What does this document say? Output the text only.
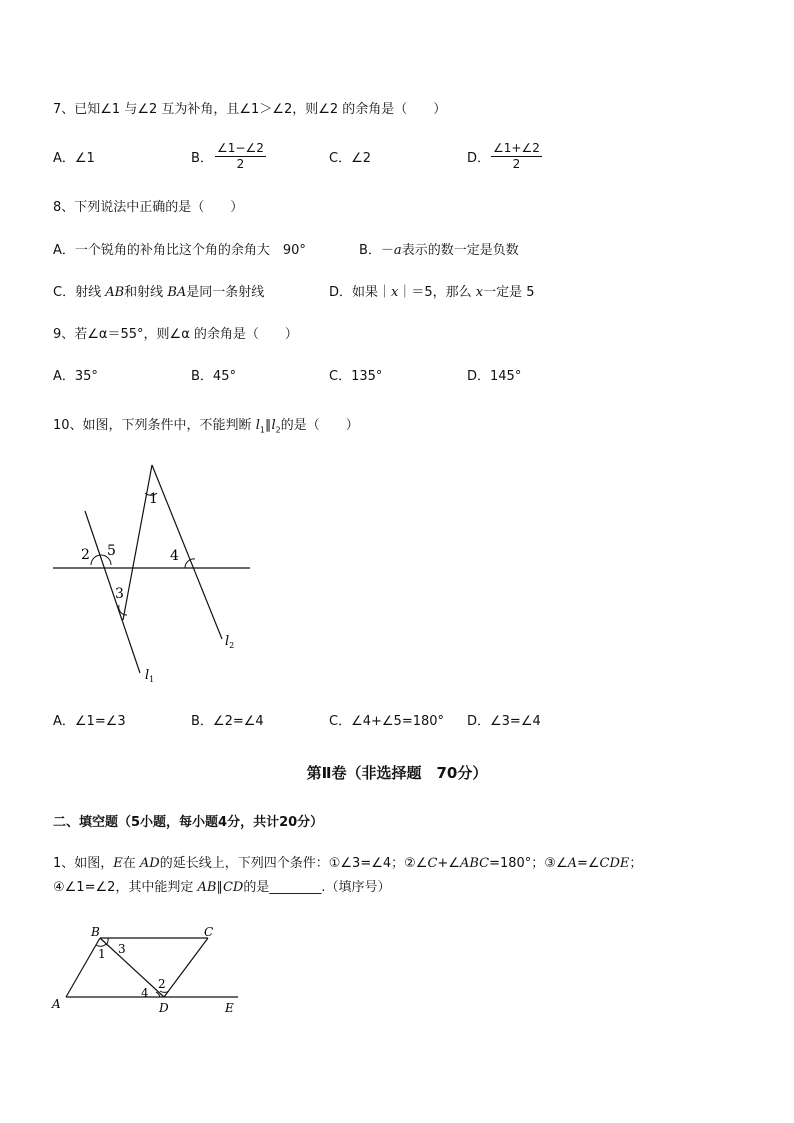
7、已知∠1 与∠2 互为补角，且∠1＞∠2，则∠2 的余角是（　　）
A．∠1	B． $\frac{\angle 1-\angle 2}{2}$	C．∠2	D． $\frac{\angle 1+\angle 2}{2}$
8、下列说法中正确的是（　　）
A．一个锐角的补角比这个角的余角大　90°	B．－a表示的数一定是负数
C．射线 AB和射线 BA是同一条射线	D．如果｜x｜＝5，那么 x一定是 5
9、若∠α＝55°，则∠α 的余角是（　　）
A．35°	B．45°	C．135°	D．145°
10、如图，下列条件中，不能判断 $l_1\parallel l_2$的是（　　）
1
2 5	4
3
$l_2$
$l_1$
A．∠1=∠3	B．∠2=∠4	C．∠4+∠5=180° D．∠3=∠4
第Ⅱ卷（非选择题　70分）
二、填空题（5小题，每小题4分，共计20分）
1、如图，E在 AD的延长线上，下列四个条件：①∠3=∠4；②∠C+∠ABC=180°；③∠A=∠CDE；
④∠1=∠2，其中能判定 AB∥CD的是________.（填序号）
B	C
A	D	E
1 3
2
4
